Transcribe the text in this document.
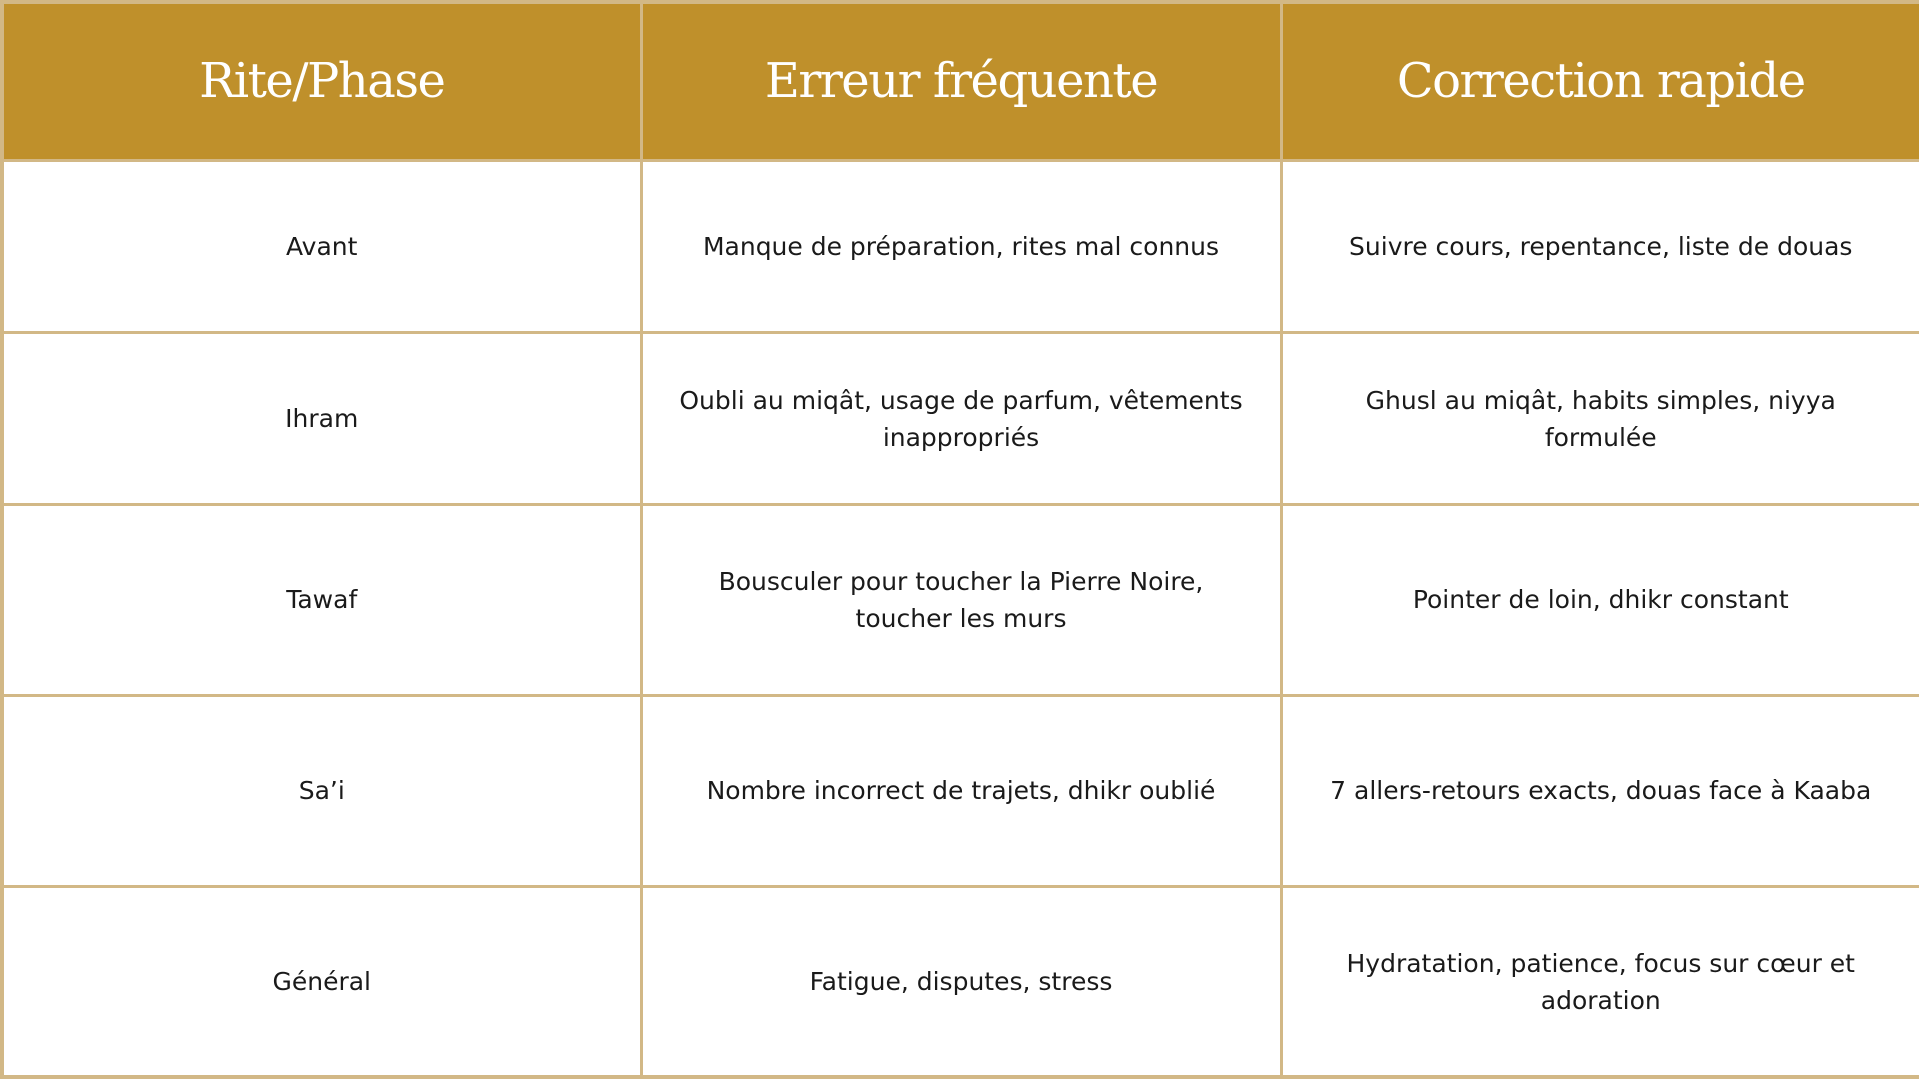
Rite/Phase	Erreur fréquente	Correction rapide
Avant	Manque de préparation, rites mal connus	Suivre cours, repentance, liste de douas
Ihram	Oubli au miqât, usage de parfum, vêtements inappropriés	Ghusl au miqât, habits simples, niyya formulée
Tawaf	Bousculer pour toucher la Pierre Noire, toucher les murs	Pointer de loin, dhikr constant
Sa’i	Nombre incorrect de trajets, dhikr oublié	7 allers-retours exacts, douas face à Kaaba
Général	Fatigue, disputes, stress	Hydratation, patience, focus sur cœur et adoration
